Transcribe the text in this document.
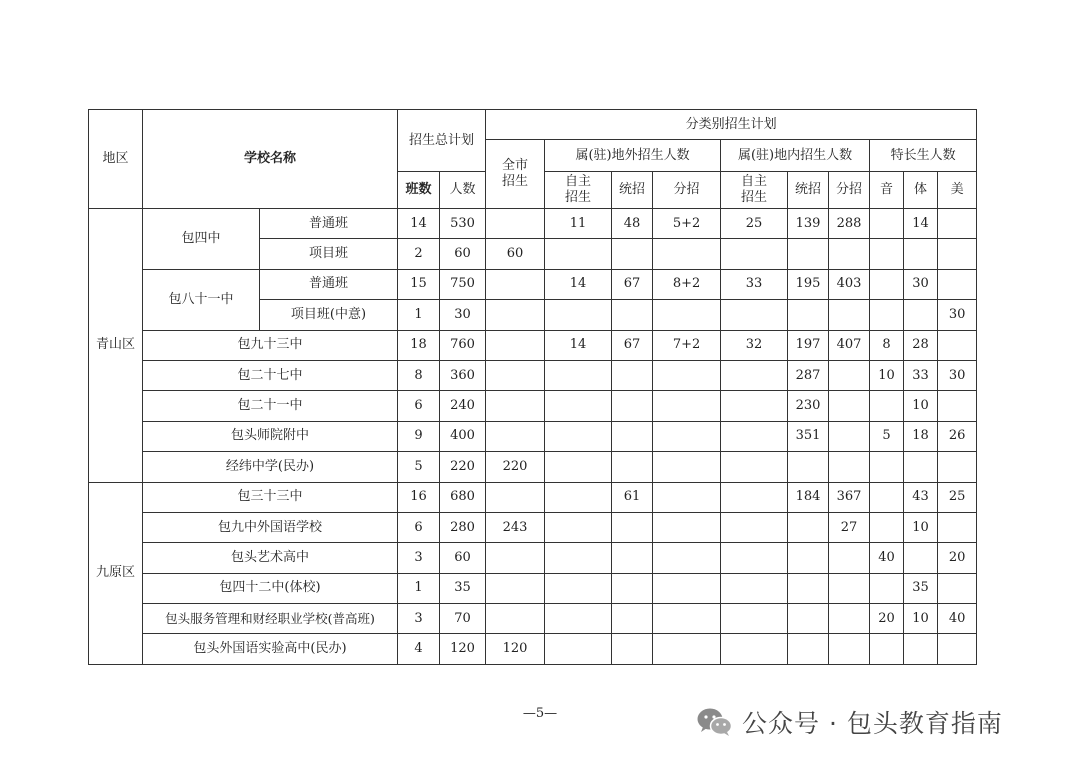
地区	学校名称		招生总计划		分类别招生计划									
					全市招生	属(驻)地外招生人数			属(驻)地内招生人数			特长生人数		
			班数	人数		自主招生	统招	分招	自主招生	统招	分招	音	体	美
青山区	包四中	普通班	14	530		11	48	5+2	25	139	288		14	
		项目班	2	60	60									
	包八十一中	普通班	15	750		14	67	8+2	33	195	403		30	
		项目班(中意)	1	30										30
	包九十三中		18	760		14	67	7+2	32	197	407	8	28	
	包二十七中		8	360						287		10	33	30
	包二十一中		6	240						230			10	
	包头师院附中		9	400						351		5	18	26
	经纬中学(民办)		5	220	220									
九原区	包三十三中		16	680			61			184	367		43	25
	包九中外国语学校		6	280	243						27		10	
	包头艺术高中		3	60								40		20
	包四十二中(体校)		1	35									35	
	包头服务管理和财经职业学校(普高班)		3	70								20	10	40
	包头外国语实验高中(民办)		4	120	120									
—5—	公众号 · 包头教育指南
